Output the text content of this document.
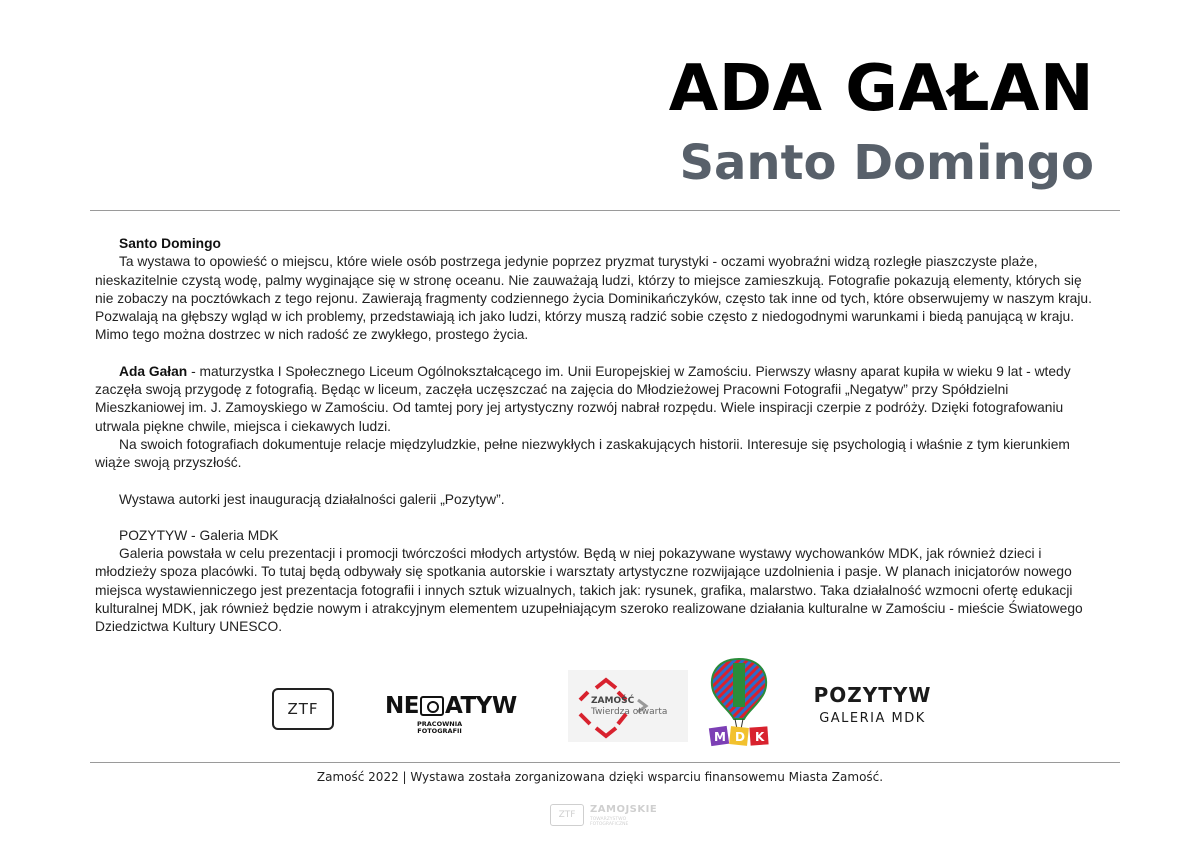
ADA GAŁAN
Santo Domingo

Santo Domingo

Ta wystawa to opowieść o miejscu, które wiele osób postrzega jedynie poprzez pryzmat turystyki - oczami wyobraźni widzą rozległe piaszczyste plaże, nieskazitelnie czystą wodę, palmy wyginające się w stronę oceanu. Nie zauważają ludzi, którzy to miejsce zamieszkują. Fotografie pokazują elementy, których się nie zobaczy na pocztówkach z tego rejonu. Zawierają fragmenty codziennego życia Dominikańczyków, często tak inne od tych, które obserwujemy w naszym kraju. Pozwalają na głębszy wgląd w ich problemy, przedstawiają ich jako ludzi, którzy muszą radzić sobie często z niedogodnymi warunkami i biedą panującą w kraju. Mimo tego można dostrzec w nich radość ze zwykłego, prostego życia.

Ada Gałan - maturzystka I Społecznego Liceum Ogólnokształcącego im. Unii Europejskiej w Zamościu. Pierwszy własny aparat kupiła w wieku 9 lat - wtedy zaczęła swoją przygodę z fotografią. Będąc w liceum, zaczęła uczęszczać na zajęcia do Młodzieżowej Pracowni Fotografii „Negatyw” przy Spółdzielni Mieszkaniowej im. J. Zamoyskiego w Zamościu. Od tamtej pory jej artystyczny rozwój nabrał rozpędu. Wiele inspiracji czerpie z podróży. Dzięki fotografowaniu utrwala piękne chwile, miejsca i ciekawych ludzi.

Na swoich fotografiach dokumentuje relacje międzyludzkie, pełne niezwykłych i zaskakujących historii. Interesuje się psychologią i właśnie z tym kierunkiem wiąże swoją przyszłość.

Wystawa autorki jest inauguracją działalności galerii „Pozytyw”.

POZYTYW - Galeria MDK

Galeria powstała w celu prezentacji i promocji twórczości młodych artystów. Będą w niej pokazywane wystawy wychowanków MDK, jak również dzieci i młodzieży spoza placówki. To tutaj będą odbywały się spotkania autorskie i warsztaty artystyczne rozwijające uzdolnienia i pasje. W planach inicjatorów nowego miejsca wystawienniczego jest prezentacja fotografii i innych sztuk wizualnych, takich jak: rysunek, grafika, malarstwo. Taka działalność wzmocni ofertę edukacji kulturalnej MDK, jak również będzie nowym i atrakcyjnym elementem uzupełniającym szeroko realizowane działania kulturalne w Zamościu - mieście Światowego Dziedzictwa Kultury UNESCO.

ZTF	NE ATYW
PRACOWNIA
FOTOGRAFII
ZAMOŚĆ
Twierdza otwarta
M D K
POZYTYW
GALERIA MDK
Zamość 2022 | Wystawa została zorganizowana dzięki wsparciu finansowemu Miasta Zamość.
ZTF	ZAMOJSKIE
TOWARZYSTWO FOTOGRAFICZNE
